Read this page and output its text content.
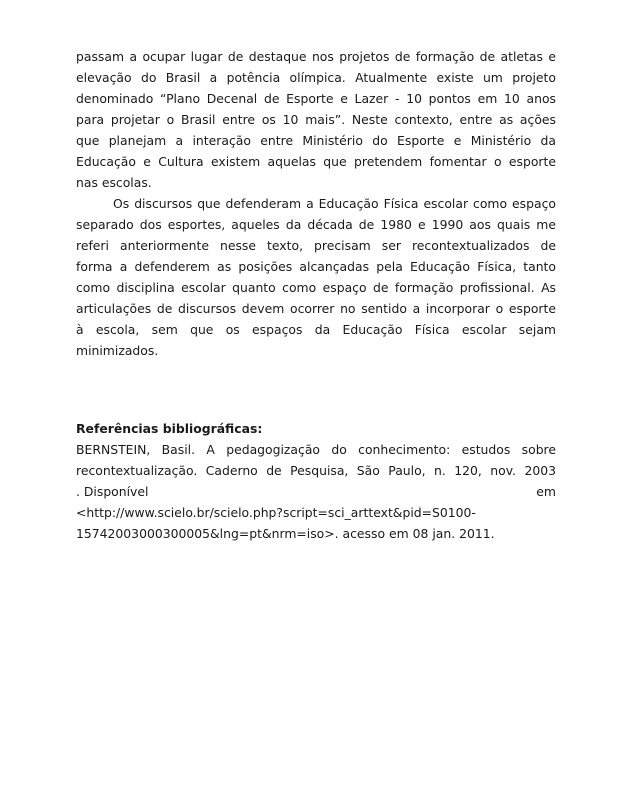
passam a ocupar lugar de destaque nos projetos de formação de atletas e
elevação do Brasil a potência olímpica. Atualmente existe um projeto
denominado “Plano Decenal de Esporte e Lazer - 10 pontos em 10 anos
para projetar o Brasil entre os 10 mais”. Neste contexto, entre as ações
que planejam a interação entre Ministério do Esporte e Ministério da
Educação e Cultura existem aquelas que pretendem fomentar o esporte
nas escolas.
Os discursos que defenderam a Educação Física escolar como espaço
separado dos esportes, aqueles da década de 1980 e 1990 aos quais me
referi anteriormente nesse texto, precisam ser recontextualizados de
forma a defenderem as posições alcançadas pela Educação Física, tanto
como disciplina escolar quanto como espaço de formação profissional. As
articulações de discursos devem ocorrer no sentido a incorporar o esporte
à escola, sem que os espaços da Educação Física escolar sejam
minimizados.
Referências bibliográficas:
BERNSTEIN, Basil. A pedagogização do conhecimento: estudos sobre
recontextualização. Caderno de Pesquisa, São Paulo, n. 120, nov. 2003
. Disponível	em
<http://www.scielo.br/scielo.php?script=sci_arttext&pid=S0100-
15742003000300005&lng=pt&nrm=iso>. acesso em 08 jan. 2011.
